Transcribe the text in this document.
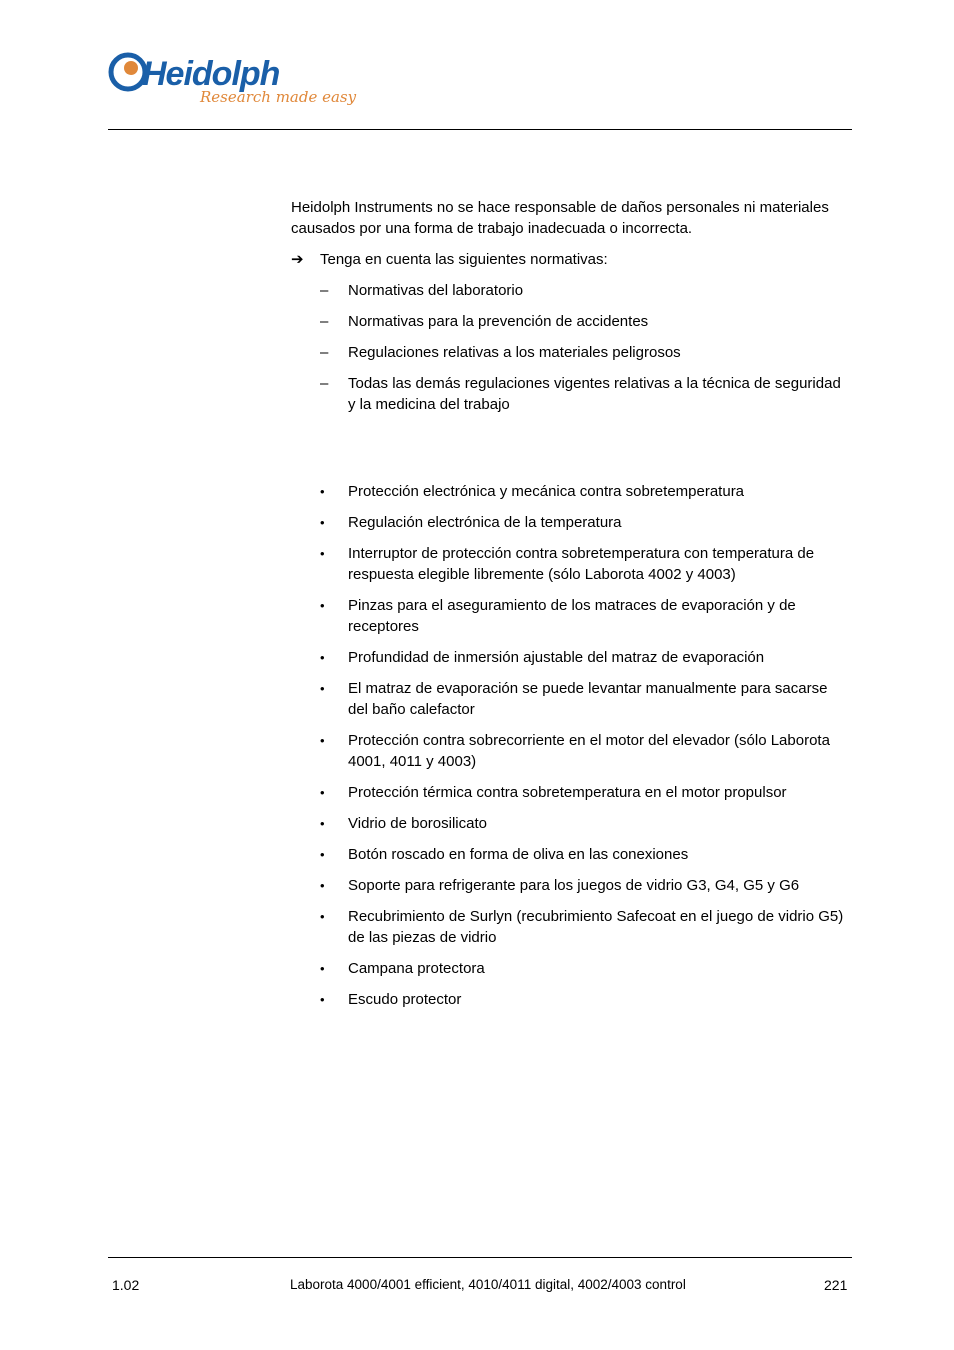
Heidolph
Research made easy

Heidolph Instruments no se hace responsable de daños personales ni materiales causados por una forma de trabajo inadecuada o incorrecta.

➔ Tenga en cuenta las siguientes normativas:
– Normativas del laboratorio
– Normativas para la prevención de accidentes
– Regulaciones relativas a los materiales peligrosos
– Todas las demás regulaciones vigentes relativas a la técnica de seguridad y la medicina del trabajo
• Protección electrónica y mecánica contra sobretemperatura
• Regulación electrónica de la temperatura
• Interruptor de protección contra sobretemperatura con temperatura de respuesta elegible libremente (sólo Laborota 4002 y 4003)
• Pinzas para el aseguramiento de los matraces de evaporación y de receptores
• Profundidad de inmersión ajustable del matraz de evaporación
• El matraz de evaporación se puede levantar manualmente para sacarse del baño calefactor
• Protección contra sobrecorriente en el motor del elevador (sólo Laborota 4001, 4011 y 4003)
• Protección térmica contra sobretemperatura en el motor propulsor
• Vidrio de borosilicato
• Botón roscado en forma de oliva en las conexiones
• Soporte para refrigerante para los juegos de vidrio G3, G4, G5 y G6
• Recubrimiento de Surlyn (recubrimiento Safecoat en el juego de vidrio G5) de las piezas de vidrio
• Campana protectora
• Escudo protector
1.02	Laborota 4000/4001 efficient, 4010/4011 digital, 4002/4003 control	221
